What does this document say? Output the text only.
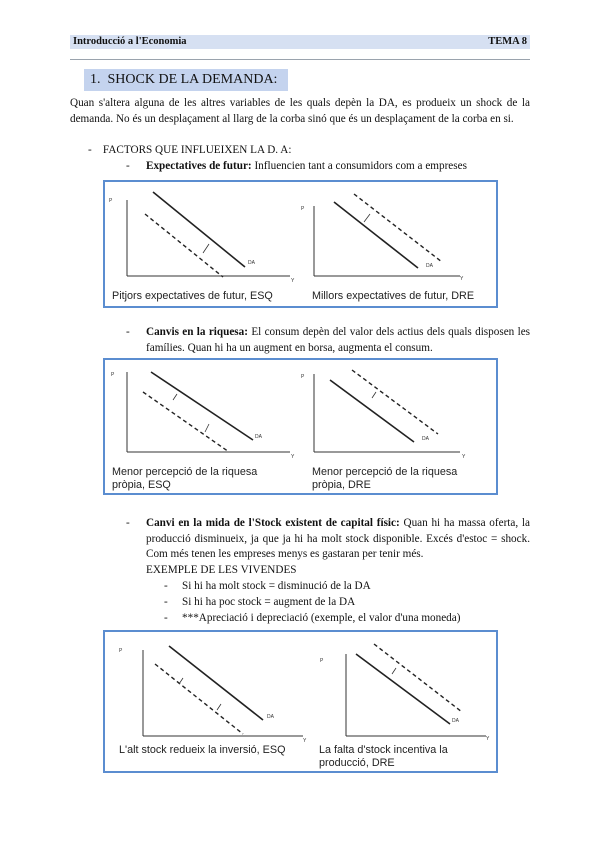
Introducció a l'Economia	TEMA 8
1. SHOCK DE LA DEMANDA:
Quan s'altera alguna de les altres variables de les quals depèn la DA, es produeix un shock de la demanda. No és un desplaçament al llarg de la corba sinó que és un desplaçament de la corba en si.
- FACTORS QUE INFLUEIXEN LA D. A:
- Expectatives de futur: Influencien tant a consumidors com a empreses
P
Y
DA
P
Y
DA
Pitjors expectatives de futur, ESQ	Millors expectatives de futur, DRE
- Canvis en la riquesa: El consum depèn del valor dels actius dels quals disposen les famílies. Quan hi ha un augment en borsa, augmenta el consum.
P
Y
DA
P
Y
DA
Menor percepció de la riquesa pròpia, ESQ
Menor percepció de la riquesa pròpia, DRE
- Canvi en la mida de l'Stock existent de capital físic: Quan hi ha massa oferta, la producció disminueix, ja que ja hi ha molt stock disponible. Excés d'estoc = shock. Com més tenen les empreses menys es gastaran per tenir més.
EXEMPLE DE LES VIVENDES
- Si hi ha molt stock = disminució de la DA
- Si hi ha poc stock = augment de la DA
- ***Apreciació i depreciació (exemple, el valor d'una moneda)
P
Y
DA
P
Y
DA
L'alt stock redueix la inversió, ESQ	La falta d'stock incentiva la producció, DRE
